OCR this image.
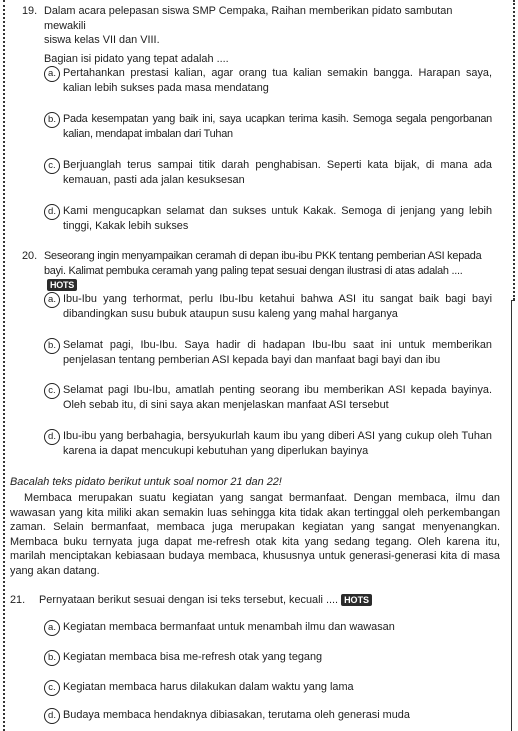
19. Dalam acara pelepasan siswa SMP Cempaka, Raihan memberikan pidato sambutan mewakili
siswa kelas VII dan VIII.
Bagian isi pidato yang tepat adalah ....
a. Pertahankan prestasi kalian, agar orang tua kalian semakin bangga. Harapan saya, kalian lebih sukses pada masa mendatang
b. Pada kesempatan yang baik ini, saya ucapkan terima kasih. Semoga segala pengorbanan kalian, mendapat imbalan dari Tuhan
c. Berjuanglah terus sampai titik darah penghabisan. Seperti kata bijak, di mana ada kemauan, pasti ada jalan kesuksesan
d. Kami mengucapkan selamat dan sukses untuk Kakak. Semoga di jenjang yang lebih tinggi, Kakak lebih sukses
20. Seseorang ingin menyampaikan ceramah di depan ibu-ibu PKK tentang pemberian ASI kepada
bayi. Kalimat pembuka ceramah yang paling tepat sesuai dengan ilustrasi di atas adalah ....HOTS
a. Ibu-Ibu yang terhormat, perlu Ibu-Ibu ketahui bahwa ASI itu sangat baik bagi bayi dibandingkan susu bubuk ataupun susu kaleng yang mahal harganya
b. Selamat pagi, Ibu-Ibu. Saya hadir di hadapan Ibu-Ibu saat ini untuk memberikan penjelasan tentang pemberian ASI kepada bayi dan manfaat bagi bayi dan ibu
c. Selamat pagi Ibu-Ibu, amatlah penting seorang ibu memberikan ASI kepada bayinya. Oleh sebab itu, di sini saya akan menjelaskan manfaat ASI tersebut
d. Ibu-ibu yang berbahagia, bersyukurlah kaum ibu yang diberi ASI yang cukup oleh Tuhan karena ia dapat mencukupi kebutuhan yang diperlukan bayinya
Bacalah teks pidato berikut untuk soal nomor 21 dan 22!
Membaca merupakan suatu kegiatan yang sangat bermanfaat. Dengan membaca, ilmu dan wawasan yang kita miliki akan semakin luas sehingga kita tidak akan tertinggal oleh perkembangan zaman. Selain bermanfaat, membaca juga merupakan kegiatan yang sangat menyenangkan. Membaca buku ternyata juga dapat me-refresh otak kita yang sedang tegang. Oleh karena itu, marilah menciptakan kebiasaan budaya membaca, khususnya untuk generasi-generasi kita di masa yang akan datang.
21. Pernyataan berikut sesuai dengan isi teks tersebut, kecuali .... HOTS
a. Kegiatan membaca bermanfaat untuk menambah ilmu dan wawasan
b. Kegiatan membaca bisa me-refresh otak yang tegang
c. Kegiatan membaca harus dilakukan dalam waktu yang lama
d. Budaya membaca hendaknya dibiasakan, terutama oleh generasi muda
